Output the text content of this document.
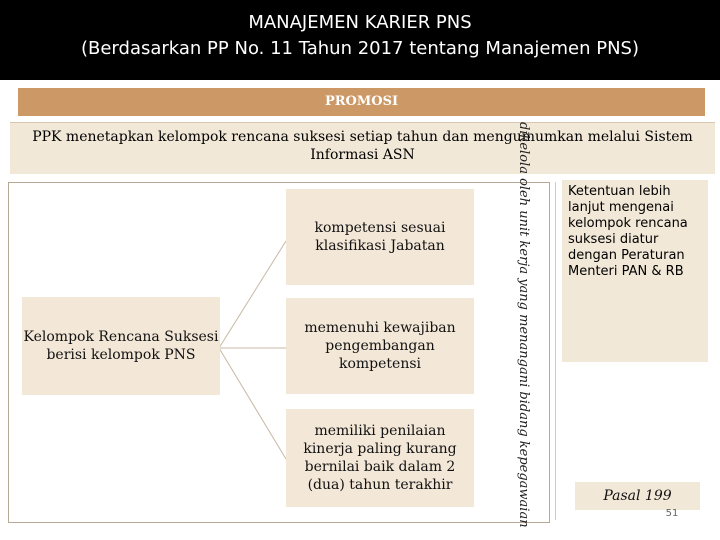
MANAJEMEN KARIER PNS
(Berdasarkan PP No. 11 Tahun 2017 tentang Manajemen PNS)
PROMOSI
PPK menetapkan kelompok rencana suksesi setiap tahun dan mengumumkan melalui Sistem Informasi ASN
Kelompok Rencana Suksesi berisi kelompok PNS
kompetensi sesuai klasifikasi Jabatan
memenuhi kewajiban pengembangan kompetensi
memiliki penilaian kinerja paling kurang bernilai baik dalam 2 (dua) tahun terakhir	dikelola oleh unit kerja yang menangani bidang kepegawaian	Ketentuan lebih lanjut mengenai kelompok rencana suksesi diatur dengan Peraturan Menteri PAN & RB
Pasal 199
51
